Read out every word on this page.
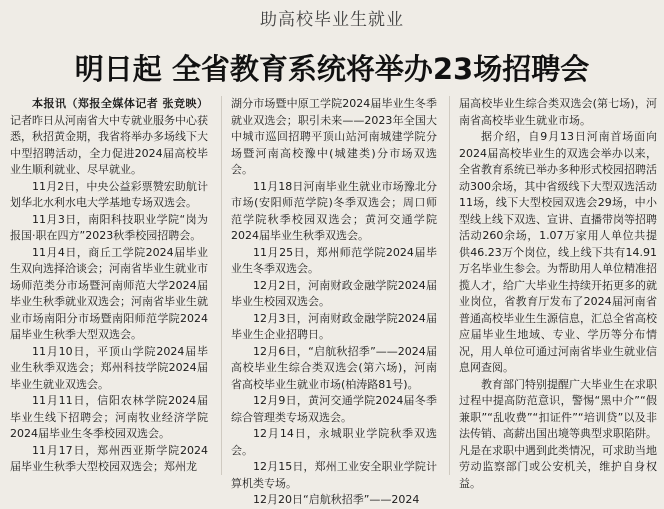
助高校毕业生就业
明日起 全省教育系统将举办23场招聘会

本报讯（郑报全媒体记者 张竞映）记者昨日从河南省大中专就业服务中心获悉，秋招黄金期，我省将举办多场线下大中型招聘活动，全力促进2024届高校毕业生顺利就业、尽早就业。

11月2日，中央公益彩票赞宏助航计划华北水利水电大学基地专场双选会。

11月3日，南阳科技职业学院“岗为报国·职在四方”2023秋季校园招聘会。

11月4日，商丘工学院2024届毕业生双向选择洽谈会；河南省毕业生就业市场师范类分市场暨河南师范大学2024届毕业生秋季就业双选会；河南省毕业生就业市场南阳分市场暨南阳师范学院2024届毕业生秋季大型双选会。

11月10日，平顶山学院2024届毕业生秋季双选会；郑州科技学院2024届毕业生就业双选会。

11月11日，信阳农林学院2024届毕业生线下招聘会；河南牧业经济学院2024届毕业生冬季校园双选会。

11月17日，郑州西亚斯学院2024届毕业生秋季大型校园双选会；郑州龙

湖分市场暨中原工学院2024届毕业生冬季就业双选会；职引未来——2023年全国大中城市巡回招聘平顶山站河南城建学院分场暨河南高校豫中(城建类)分市场双选会。

11月18日河南毕业生就业市场豫北分市场(安阳师范学院)冬季双选会；周口师范学院秋季校园双选会；黄河交通学院2024届毕业生秋季双选会。

11月25日，郑州师范学院2024届毕业生冬季双选会。

12月2日，河南财政金融学院2024届毕业生校园双选会。

12月3日，河南财政金融学院2024届毕业生企业招聘日。

12月6日，“启航秋招季”——2024届高校毕业生综合类双选会(第六场)，河南省高校毕业生就业市场(柏涛路81号)。

12月9日，黄河交通学院2024届冬季综合管理类专场双选会。

12月14日，永城职业学院秋季双选会。

12月15日，郑州工业安全职业学院计算机类专场。

12月20日“启航秋招季”——2024

届高校毕业生综合类双选会(第七场)，河南省高校毕业生就业市场。

据介绍，自9月13日河南首场面向2024届高校毕业生的双选会举办以来，全省教育系统已举办多种形式校园招聘活动300余场，其中省级线下大型双选活动11场，线下大型校园双选会29场，中小型线上线下双选、宣讲、直播带岗等招聘活动260余场，1.07万家用人单位共提供46.23万个岗位，线上线下共有14.91万名毕业生参会。为帮助用人单位精准招揽人才，给广大毕业生持续开拓更多的就业岗位，省教育厅发布了2024届河南省普通高校毕业生生源信息，汇总全省高校应届毕业生地域、专业、学历等分布情况，用人单位可通过河南省毕业生就业信息网查阅。

教育部门特别提醒广大毕业生在求职过程中提高防范意识，警惕“黑中介”“假兼职”“乱收费”“扣证件”“培训贷”以及非法传销、高薪出国出境等典型求职陷阱。凡是在求职中遇到此类情况，可求助当地劳动监察部门或公安机关，维护自身权益。
